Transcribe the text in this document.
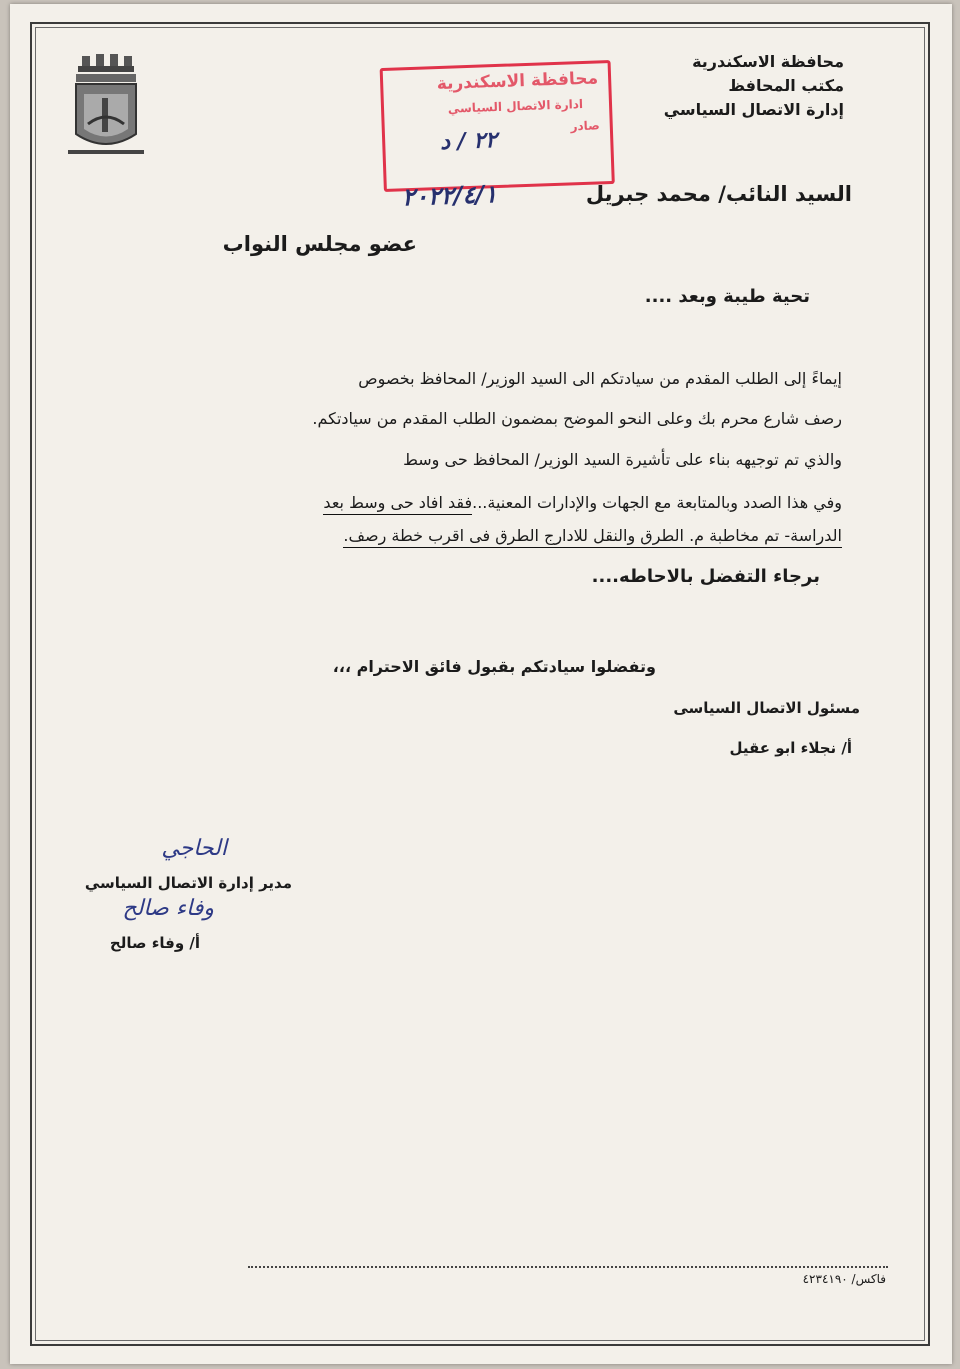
محافظة الاسكندرية
مكتب المحافظ
إدارة الاتصال السياسي
محافظة الاسكندرية
ادارة الاتصال السياسي
صادر
٢٢ / د
٢٠٢٢/٤/١	السيد النائب/ محمد جبريل
عضو مجلس النواب
تحية طيبة وبعد ....
إيماءً إلى الطلب المقدم من سيادتكم الى السيد الوزير/ المحافظ بخصوص
رصف شارع محرم بك وعلى النحو الموضح بمضمون الطلب المقدم من سيادتكم.
والذي تم توجيهه بناء على تأشيرة السيد الوزير/ المحافظ حى وسط
وفي هذا الصدد وبالمتابعة مع الجهات والإدارات المعنية...فقد افاد حى وسط بعد
الدراسة- تم مخاطبة م. الطرق والنقل للادارج الطرق فى اقرب خطة رصف.
برجاء التفضل بالاحاطه....
وتفضلوا سيادتكم بقبول فائق الاحترام ،،،
مسئول الاتصال السياسى
أ/ نجلاء ابو عقيل
الحاجي
مدير إدارة الاتصال السياسي
وفاء صالح
أ/ وفاء صالح
فاكس/ ٤٢٣٤١٩٠
